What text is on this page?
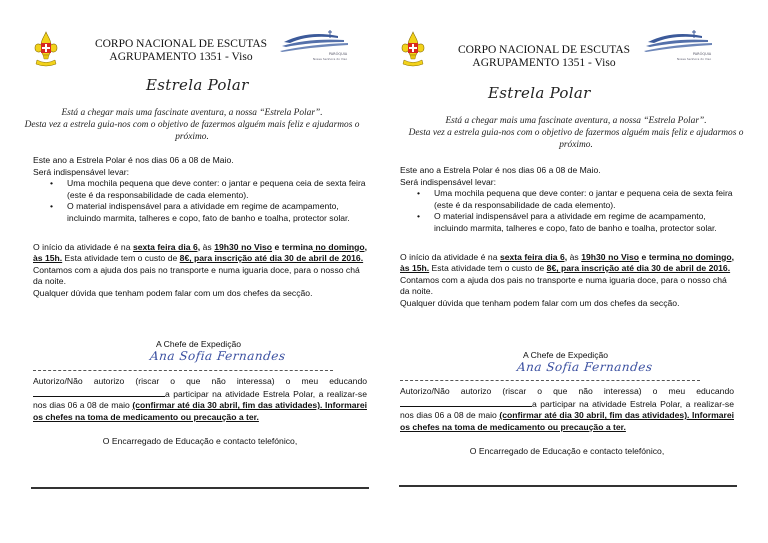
CORPO NACIONAL DE ESCUTAS
AGRUPAMENTO 1351 - Viso	PARÓQUIA
Nossa Senhora do Viso
Estrela Polar
Está a chegar mais uma fascinate aventura, a nossa “Estrela Polar”.
Desta vez a estrela guia-nos com o objetivo de fazermos alguém mais feliz e ajudarmos o próximo.

Este ano a Estrela Polar é nos dias 06 a 08 de Maio.

Será indispensável levar:

• Uma mochila pequena que deve conter: o jantar e pequena ceia de sexta feira (este é da responsabilidade de cada elemento).
• O material indispensável para a atividade em regime de acampamento, incluindo marmita, talheres e copo, fato de banho e toalha, protector solar.

O início da atividade é na sexta feira dia 6, às 19h30 no Viso e termina no domingo, às 15h. Esta atividade tem o custo de 8€, para inscrição até dia 30 de abril de 2016.

Contamos com a ajuda dos pais no transporte e numa iguaria doce, para o nosso chá da noite.

Qualquer dúvida que tenham podem falar com um dos chefes da secção.

A Chefe de Expedição
Ana Sofia Fernandes

Autorizo/Não autorizo (riscar o que não interessa) o meu educando

a participar na atividade Estrela Polar, a realizar-se nos dias 06 a 08 de maio (confirmar até dia 30 abril, fim das atividades). Informarei os chefes na toma de medicamento ou precaução a ter.

O Encarregado de Educação e contacto telefónico,
CORPO NACIONAL DE ESCUTAS
AGRUPAMENTO 1351 - Viso
PARÓQUIA
Nossa Senhora do Viso
Estrela Polar
Está a chegar mais uma fascinate aventura, a nossa “Estrela Polar”.
Desta vez a estrela guia-nos com o objetivo de fazermos alguém mais feliz e ajudarmos o próximo.

Este ano a Estrela Polar é nos dias 06 a 08 de Maio.

Será indispensável levar:

• Uma mochila pequena que deve conter: o jantar e pequena ceia de sexta feira (este é da responsabilidade de cada elemento).
• O material indispensável para a atividade em regime de acampamento, incluindo marmita, talheres e copo, fato de banho e toalha, protector solar.

O início da atividade é na sexta feira dia 6, às 19h30 no Viso e termina no domingo, às 15h. Esta atividade tem o custo de 8€, para inscrição até dia 30 de abril de 2016.

Contamos com a ajuda dos pais no transporte e numa iguaria doce, para o nosso chá da noite.

Qualquer dúvida que tenham podem falar com um dos chefes da secção.

A Chefe de Expedição
Ana Sofia Fernandes

Autorizo/Não autorizo (riscar o que não interessa) o meu educando

a participar na atividade Estrela Polar, a realizar-se nos dias 06 a 08 de maio (confirmar até dia 30 abril, fim das atividades). Informarei os chefes na toma de medicamento ou precaução a ter.

O Encarregado de Educação e contacto telefónico,
